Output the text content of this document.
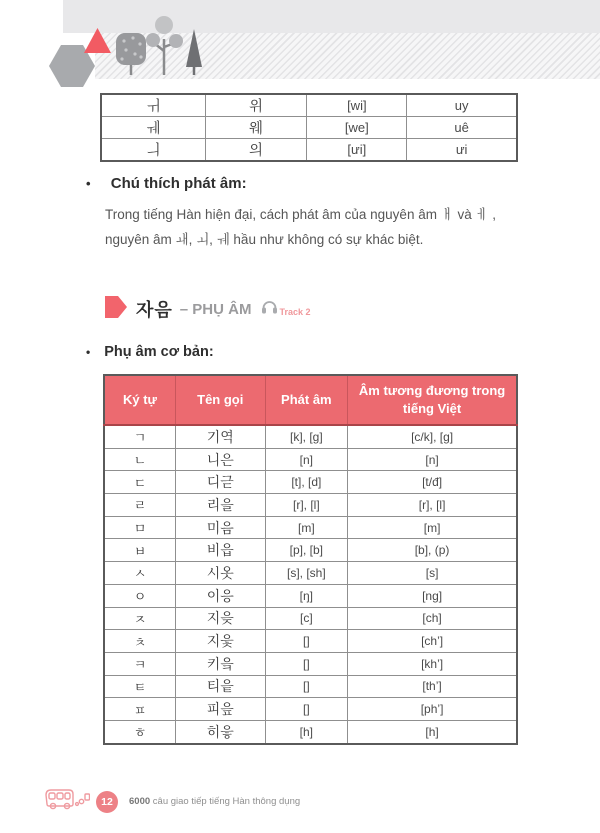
ㅟ	위	[wi]	uy
ㅞ	웨	[we]	uê
ㅢ	의	[ưi]	ưi
• Chú thích phát âm:
Trong tiếng Hàn hiện đại, cách phát âm của nguyên âm ㅐ và ㅔ ,
nguyên âm ㅙ, ㅚ, ㅞ hầu như không có sự khác biệt.
자음 – PHỤ ÂM	Track 2
• Phụ âm cơ bản:
Ký tự	Tên gọi	Phát âm	Âm tương đương trong tiếng Việt
ㄱ	기역	[k], [g]	[c/k], [g]
ㄴ	니은	[n]	[n]
ㄷ	디귿	[t], [d]	[t/đ]
ㄹ	리을	[r], [l]	[r], [l]
ㅁ	미음	[m]	[m]
ㅂ	비읍	[p], [b]	[b], (p)
ㅅ	시옷	[s], [sh]	[s]
ㅇ	이응	[ŋ]	[ng]
ㅈ	지읒	[c]	[ch]
ㅊ	지읓	[]	[ch’]
ㅋ	키읔	[]	[kh’]
ㅌ	티읕	[]	[th’]
ㅍ	피읖	[]	[ph’]
ㅎ	히읗	[h]	[h]
12	6000 câu giao tiếp tiếng Hàn thông dụng
